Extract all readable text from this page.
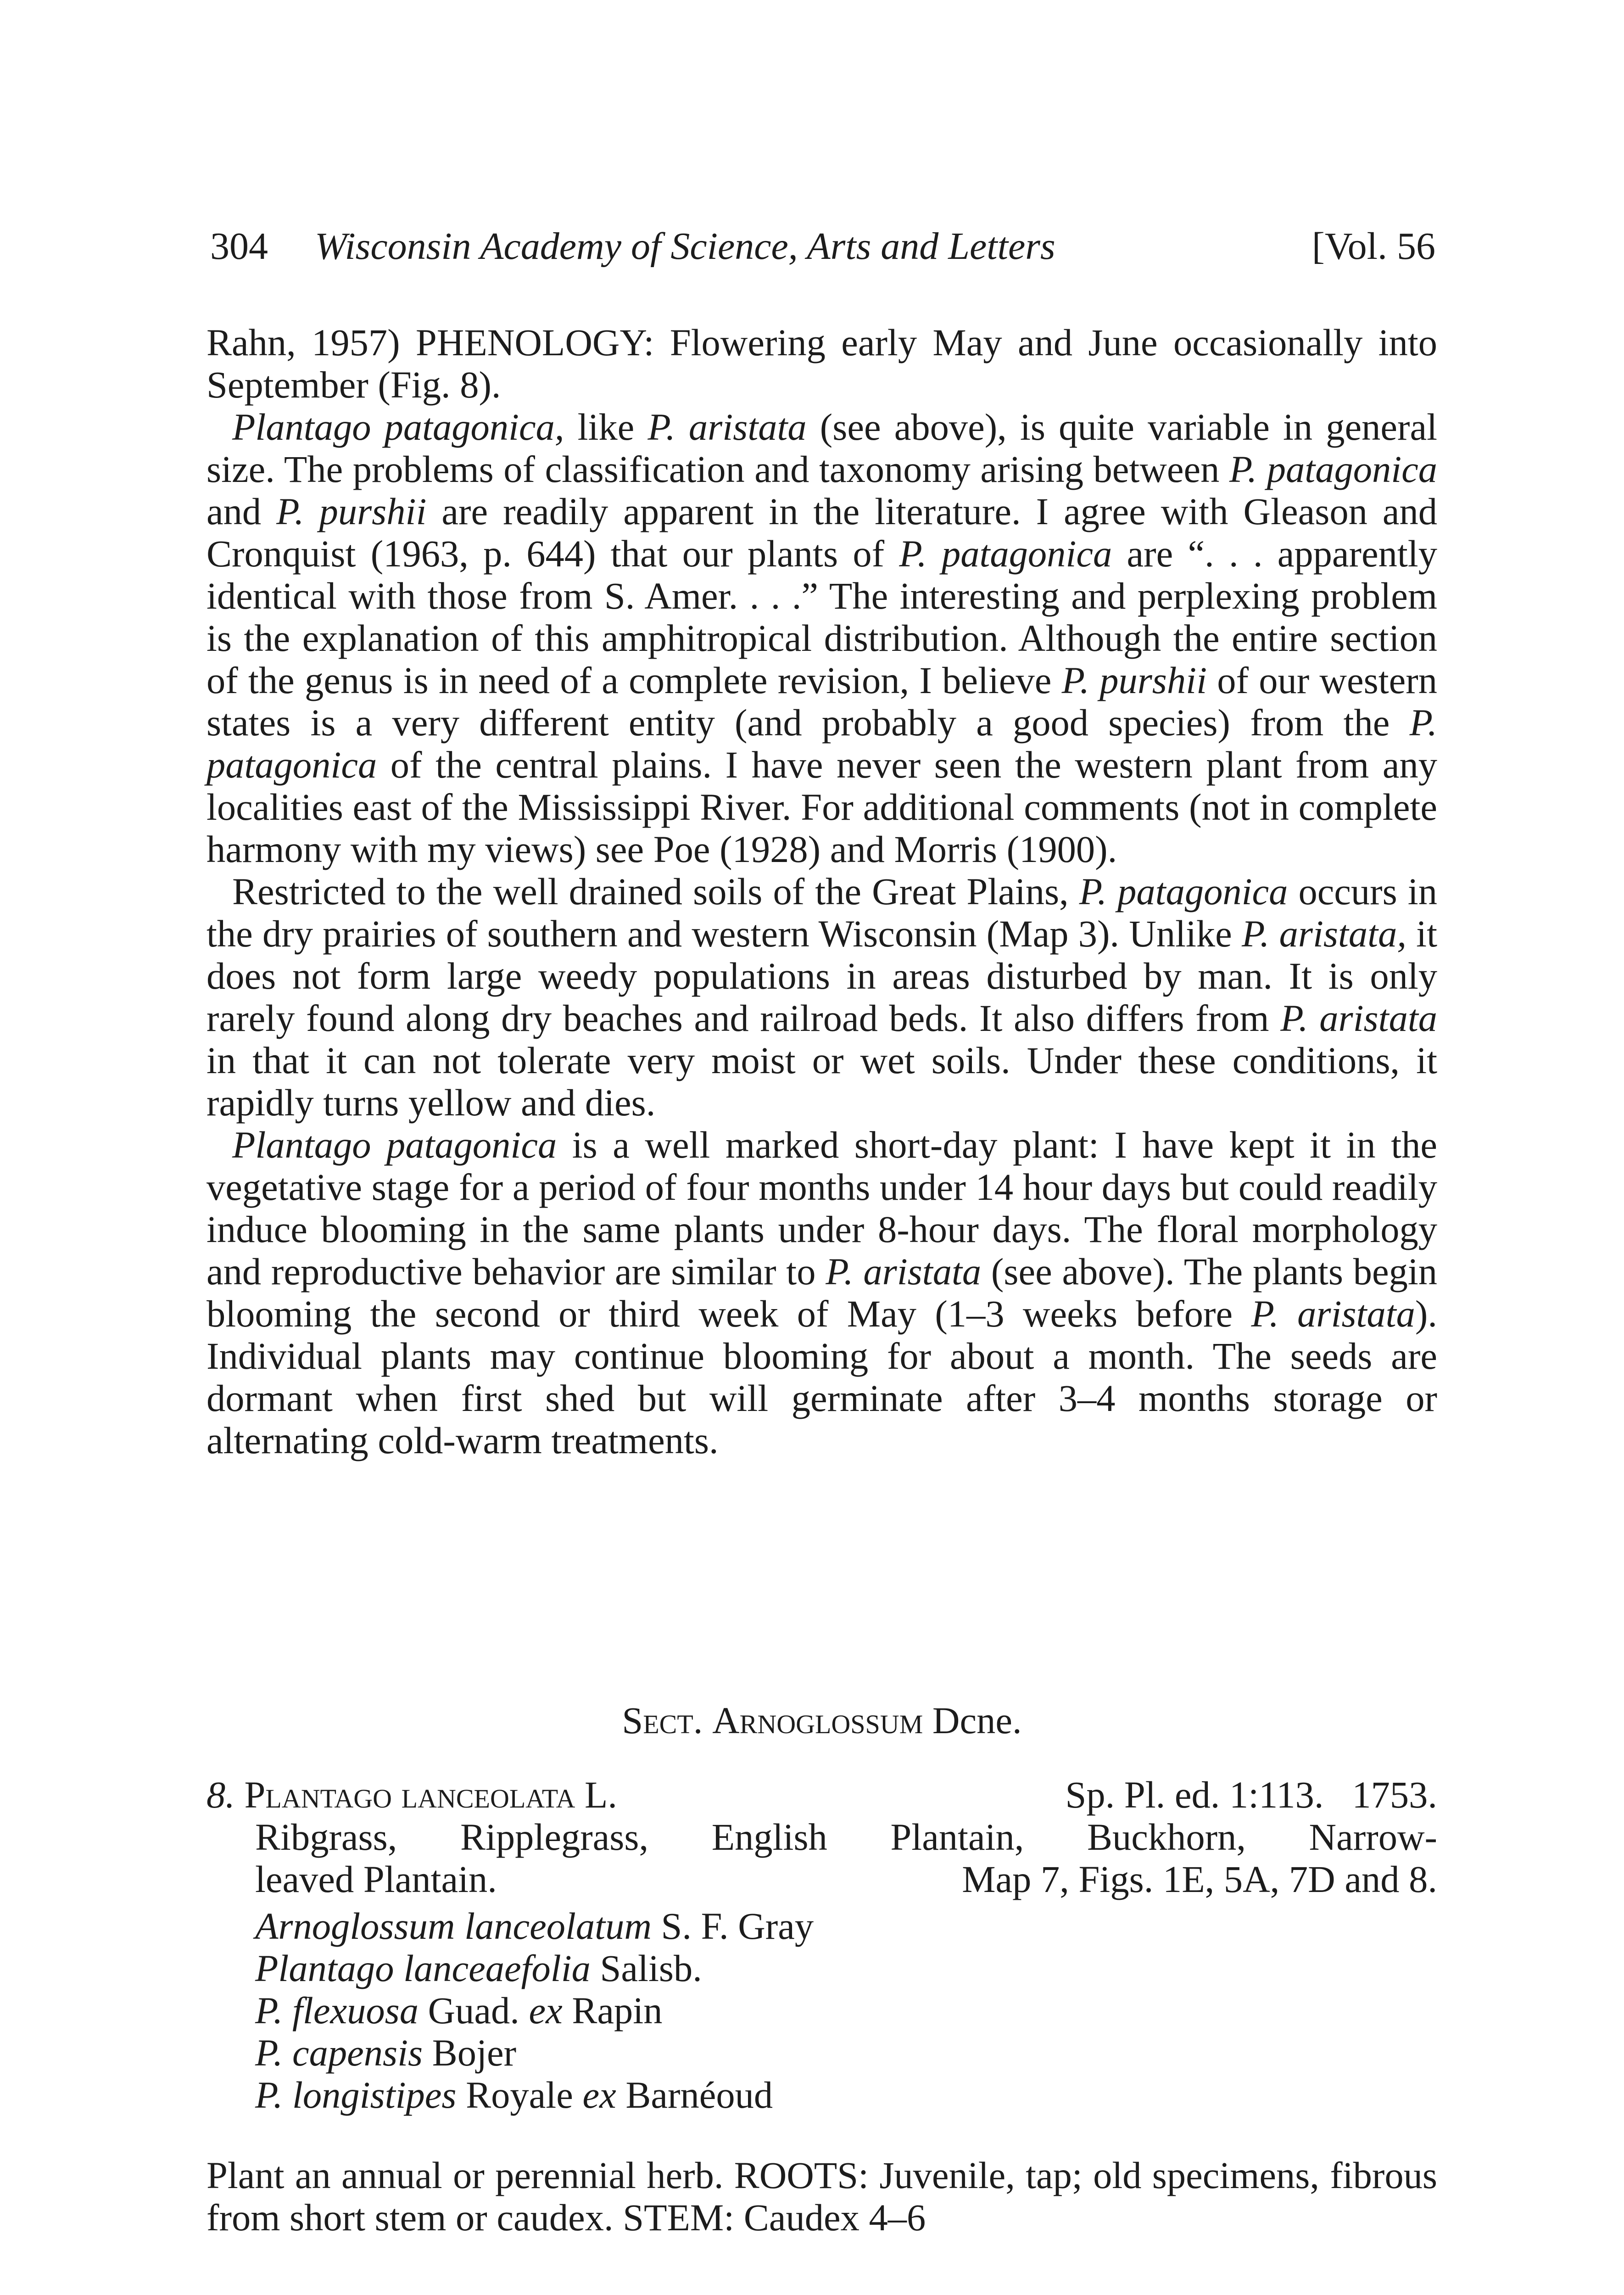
304 Wisconsin Academy of Science, Arts and Letters	[Vol. 56

Rahn, 1957) PHENOLOGY: Flowering early May and June occasionally into September (Fig. 8).

Plantago patagonica, like P. aristata (see above), is quite variable in general size. The problems of classification and taxonomy arising between P. patagonica and P. purshii are readily apparent in the literature. I agree with Gleason and Cronquist (1963, p. 644) that our plants of P. patagonica are “. . . apparently identical with those from S. Amer. . . .” The interesting and perplexing problem is the explanation of this amphitropical distribution. Although the entire section of the genus is in need of a complete revision, I believe P. purshii of our western states is a very different entity (and probably a good species) from the P. patagonica of the central plains. I have never seen the western plant from any localities east of the Mississippi River. For additional comments (not in complete harmony with my views) see Poe (1928) and Morris (1900).

Restricted to the well drained soils of the Great Plains, P. patagonica occurs in the dry prairies of southern and western Wisconsin (Map 3). Unlike P. aristata, it does not form large weedy populations in areas disturbed by man. It is only rarely found along dry beaches and railroad beds. It also differs from P. aristata in that it can not tolerate very moist or wet soils. Under these conditions, it rapidly turns yellow and dies.

Plantago patagonica is a well marked short-day plant: I have kept it in the vegetative stage for a period of four months under 14 hour days but could readily induce blooming in the same plants under 8-hour days. The floral morphology and reproductive behavior are similar to P. aristata (see above). The plants begin blooming the second or third week of May (1–3 weeks before P. aristata). Individual plants may continue blooming for about a month. The seeds are dormant when first shed but will germinate after 3–4 months storage or alternating cold-warm treatments.

Sect. Arnoglossum Dcne.
8. Plantago lanceolata L.	Sp. Pl. ed. 1:113.   1753.
Ribgrass, Ripplegrass, English Plantain, Buckhorn, Narrow-
leaved Plantain.	Map 7, Figs. 1E, 5A, 7D and 8.
Arnoglossum lanceolatum S. F. Gray
Plantago lanceaefolia Salisb.
P. flexuosa Guad. ex Rapin
P. capensis Bojer
P. longistipes Royale ex Barnéoud
Plant an annual or perennial herb. ROOTS: Juvenile, tap; old specimens, fibrous from short stem or caudex. STEM: Caudex 4–6
